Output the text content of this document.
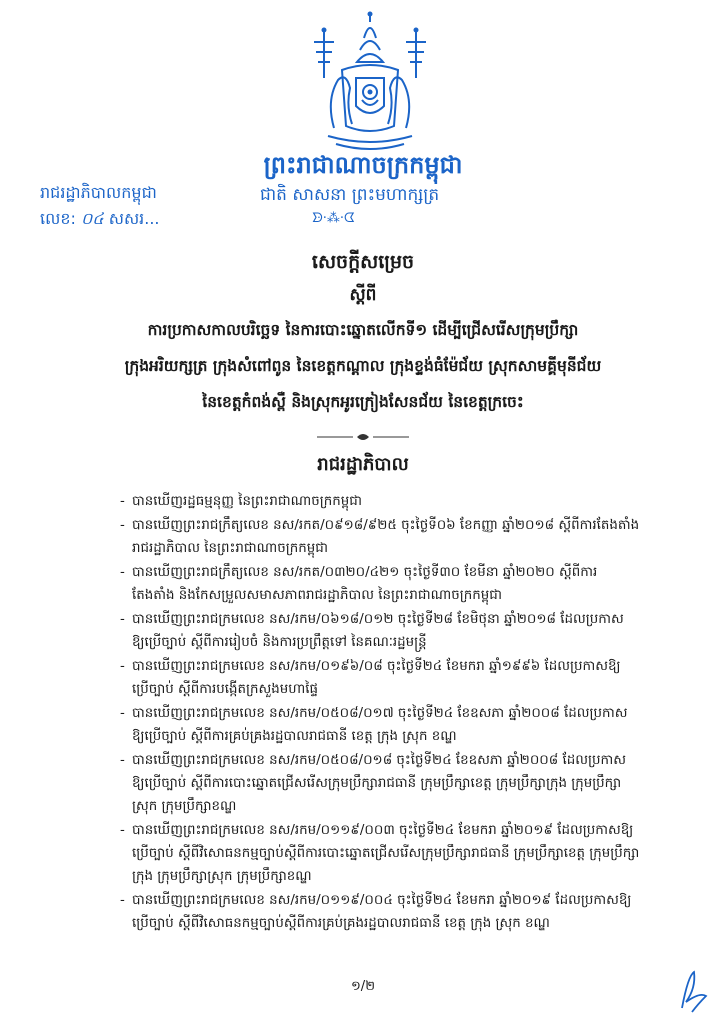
ព្រះរាជាណាចក្រកម្ពុជា
ជាតិ សាសនា ព្រះមហាក្សត្រ
ᗦ·⁂·ᗧ
រាជរដ្ឋាភិបាលកម្ពុជា
លេខ: ០៤ សសរ...
សេចក្តីសម្រេច
ស្តីពី
ការប្រកាសកាលបរិច្ឆេទ នៃការបោះឆ្នោតលើកទី១ ដើម្បីជ្រើសរើសក្រុមប្រឹក្សា
ក្រុងអរិយក្សត្រ ក្រុងសំពៅពូន នៃខេត្តកណ្តាល ក្រុងខ្ទង់ធំម៉ែជ័យ ស្រុកសាមគ្គីមុនីជ័យ
នៃខេត្តកំពង់ស្ពឺ និងស្រុកអូរក្រៀងសែនជ័យ នៃខេត្តក្រចេះ
រាជរដ្ឋាភិបាល
- បានឃើញរដ្ឋធម្មនុញ្ញ នៃព្រះរាជាណាចក្រកម្ពុជា
- បានឃើញព្រះរាជក្រឹត្យលេខ នស/រកត/០៩១៨/៩២៥ ចុះថ្ងៃទី០៦ ខែកញ្ញា ឆ្នាំ២០១៨ ស្តីពីការតែងតាំង
រាជរដ្ឋាភិបាល នៃព្រះរាជាណាចក្រកម្ពុជា
- បានឃើញព្រះរាជក្រឹត្យលេខ នស/រកត/០៣២០/៤២១ ចុះថ្ងៃទី៣០ ខែមីនា ឆ្នាំ២០២០ ស្តីពីការ
តែងតាំង និងកែសម្រួលសមាសភាពរាជរដ្ឋាភិបាល នៃព្រះរាជាណាចក្រកម្ពុជា
- បានឃើញព្រះរាជក្រមលេខ នស/រកម/០៦១៨/០១២ ចុះថ្ងៃទី២៨ ខែមិថុនា ឆ្នាំ២០១៨ ដែលប្រកាស
ឱ្យប្រើច្បាប់ ស្តីពីការរៀបចំ និងការប្រព្រឹត្តទៅ នៃគណៈរដ្ឋមន្ត្រី
- បានឃើញព្រះរាជក្រមលេខ នស/រកម/០១៩៦/០៨ ចុះថ្ងៃទី២៤ ខែមករា ឆ្នាំ១៩៩៦ ដែលប្រកាសឱ្យ
ប្រើច្បាប់ ស្តីពីការបង្កើតក្រសួងមហាផ្ទៃ
- បានឃើញព្រះរាជក្រមលេខ នស/រកម/០៥០៨/០១៧ ចុះថ្ងៃទី២៤ ខែឧសភា ឆ្នាំ២០០៨ ដែលប្រកាស
ឱ្យប្រើច្បាប់ ស្តីពីការគ្រប់គ្រងរដ្ឋបាលរាជធានី ខេត្ត ក្រុង ស្រុក ខណ្ឌ
- បានឃើញព្រះរាជក្រមលេខ នស/រកម/០៥០៨/០១៨ ចុះថ្ងៃទី២៤ ខែឧសភា ឆ្នាំ២០០៨ ដែលប្រកាស
ឱ្យប្រើច្បាប់ ស្តីពីការបោះឆ្នោតជ្រើសរើសក្រុមប្រឹក្សារាជធានី ក្រុមប្រឹក្សាខេត្ត ក្រុមប្រឹក្សាក្រុង ក្រុមប្រឹក្សា
ស្រុក ក្រុមប្រឹក្សាខណ្ឌ
- បានឃើញព្រះរាជក្រមលេខ នស/រកម/០១១៩/០០៣ ចុះថ្ងៃទី២៤ ខែមករា ឆ្នាំ២០១៩ ដែលប្រកាសឱ្យ
ប្រើច្បាប់ ស្តីពីវិសោធនកម្មច្បាប់ស្តីពីការបោះឆ្នោតជ្រើសរើសក្រុមប្រឹក្សារាជធានី ក្រុមប្រឹក្សាខេត្ត ក្រុមប្រឹក្សា
ក្រុង ក្រុមប្រឹក្សាស្រុក ក្រុមប្រឹក្សាខណ្ឌ
- បានឃើញព្រះរាជក្រមលេខ នស/រកម/០១១៩/០០៤ ចុះថ្ងៃទី២៤ ខែមករា ឆ្នាំ២០១៩ ដែលប្រកាសឱ្យ
ប្រើច្បាប់ ស្តីពីវិសោធនកម្មច្បាប់ស្តីពីការគ្រប់គ្រងរដ្ឋបាលរាជធានី ខេត្ត ក្រុង ស្រុក ខណ្ឌ
១/២
